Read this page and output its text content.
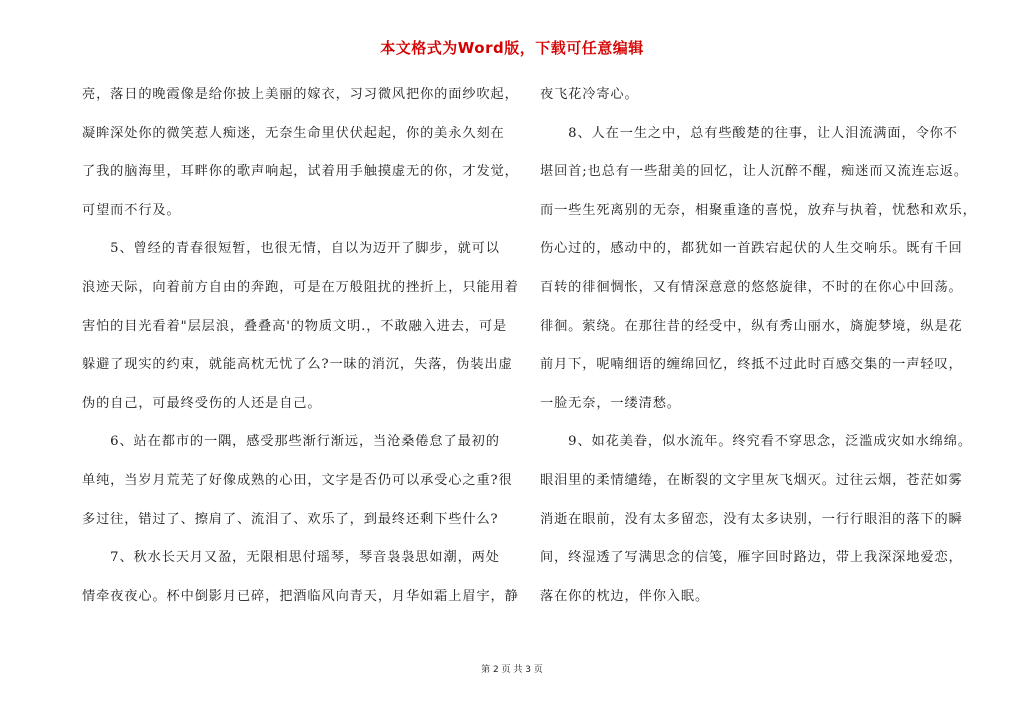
本文格式为Word版，下载可任意编辑
亮，落日的晚霞像是给你披上美丽的嫁衣，习习微风把你的面纱吹起，
凝眸深处你的微笑惹人痴迷，无奈生命里伏伏起起，你的美永久刻在
了我的脑海里，耳畔你的歌声响起，试着用手触摸虚无的你，才发觉，
可望而不行及。
　　5、曾经的青春很短暂，也很无情，自以为迈开了脚步，就可以
浪迹天际，向着前方自由的奔跑，可是在万般阻扰的挫折上，只能用着
害怕的目光看着"层层浪，叠叠高'的物质文明.，不敢融入进去，可是
躲避了现实的约束，就能高枕无忧了么?一昧的消沉，失落，伪装出虚
伪的自己，可最终受伤的人还是自己。
　　6、站在都市的一隅，感受那些渐行渐远，当沧桑倦怠了最初的
单纯，当岁月荒芜了好像成熟的心田，文字是否仍可以承受心之重?很
多过往，错过了、擦肩了、流泪了、欢乐了，到最终还剩下些什么?
　　7、秋水长天月又盈，无限相思付瑶琴，琴音袅袅思如潮，两处
情牵夜夜心。杯中倒影月已碎，把酒临风向青天，月华如霜上眉宇，静
夜飞花冷寄心。
　　8、人在一生之中，总有些酸楚的往事，让人泪流满面，令你不
堪回首;也总有一些甜美的回忆，让人沉醉不醒，痴迷而又流连忘返。
而一些生死离别的无奈，相聚重逢的喜悦，放弃与执着，忧愁和欢乐，
伤心过的，感动中的，都犹如一首跌宕起伏的人生交响乐。既有千回
百转的徘徊惆怅，又有情深意意的悠悠旋律，不时的在你心中回荡。
徘徊。萦绕。在那往昔的经受中，纵有秀山丽水，旖旎梦境，纵是花
前月下，呢喃细语的缠绵回忆，终抵不过此时百感交集的一声轻叹，
一脸无奈，一缕清愁。
　　9、如花美眷，似水流年。终究看不穿思念，泛滥成灾如水绵绵。
眼泪里的柔情缱绻，在断裂的文字里灰飞烟灭。过往云烟，苍茫如雾
消逝在眼前，没有太多留恋，没有太多诀别，一行行眼泪的落下的瞬
间，终湿透了写满思念的信笺，雁字回时路边，带上我深深地爱恋，
落在你的枕边，伴你入眠。
第 2 页 共 3 页
